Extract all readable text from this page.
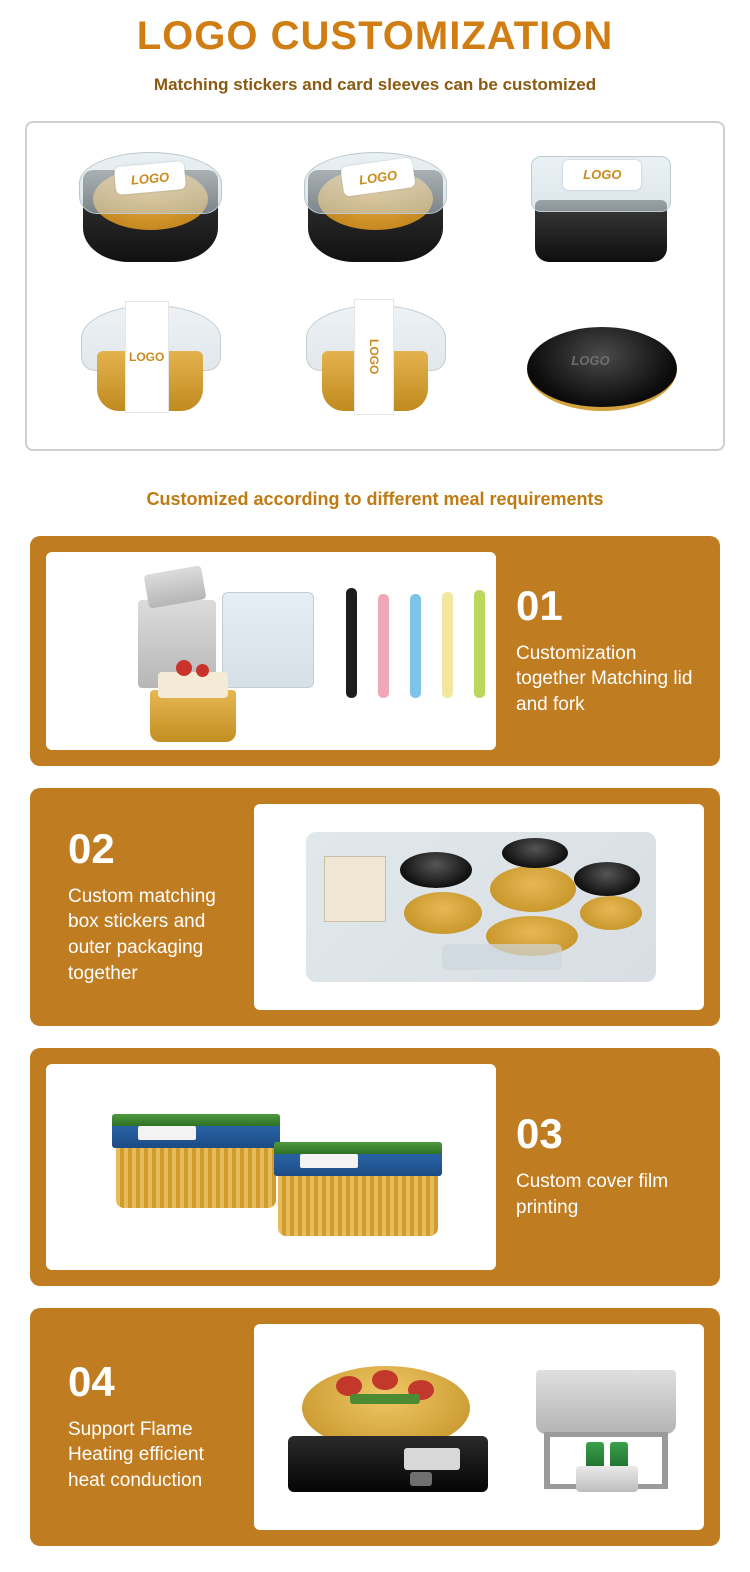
LOGO CUSTOMIZATION
Matching stickers and card sleeves can be customized
LOGO	LOGO	LOGO
LOGO	LOGO	LOGO
Customized according to different meal requirements
01
Customization together Matching lid and fork
02
Custom matching box stickers and outer packaging together
03
Custom cover film printing
04
Support Flame Heating efficient heat conduction
